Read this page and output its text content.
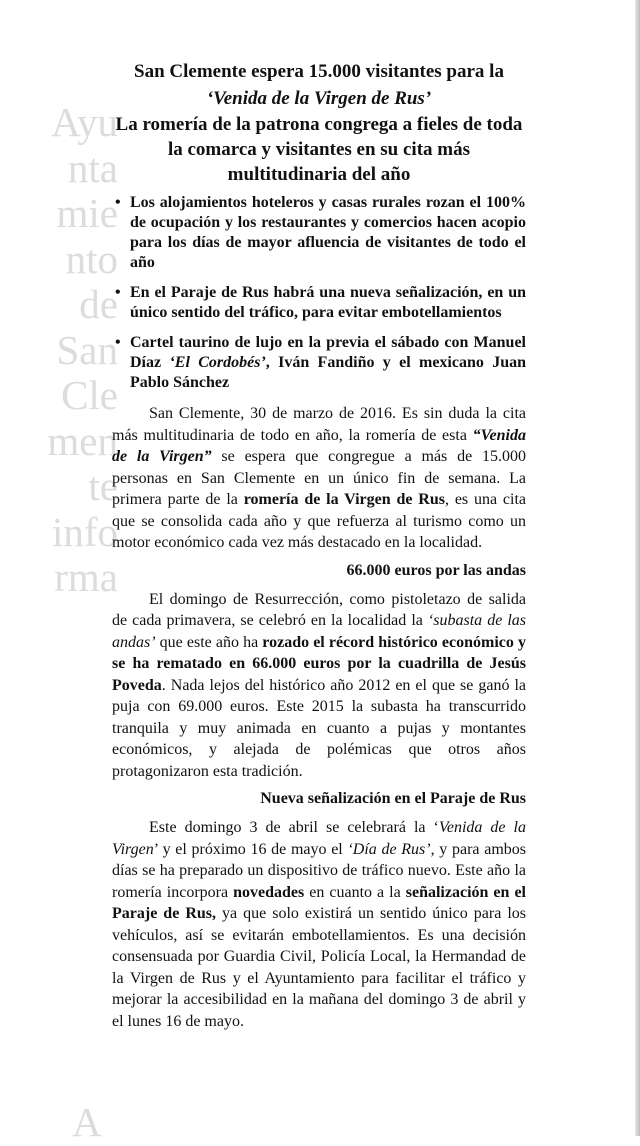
Ayu
nta
mie
nto
de
San
Cle
men
te
info
rma
A
San Clemente espera 15.000 visitantes para la ‘Venida de la Virgen de Rus’
La romería de la patrona congrega a fieles de toda la comarca y visitantes en su cita más multitudinaria del año
• Los alojamientos hoteleros y casas rurales rozan el 100% de ocupación y los restaurantes y comercios hacen acopio para los días de mayor afluencia de visitantes de todo el año
• En el Paraje de Rus habrá una nueva señalización, en un único sentido del tráfico, para evitar embotellamientos
• Cartel taurino de lujo en la previa el sábado con Manuel Díaz ‘El Cordobés’, Iván Fandiño y el mexicano Juan Pablo Sánchez

San Clemente, 30 de marzo de 2016. Es sin duda la cita más multitudinaria de todo en año, la romería de esta “Venida de la Virgen” se espera que congregue a más de 15.000 personas en San Clemente en un único fin de semana. La primera parte de la romería de la Virgen de Rus, es una cita que se consolida cada año y que refuerza al turismo como un motor económico cada vez más destacado en la localidad.

66.000 euros por las andas

El domingo de Resurrección, como pistoletazo de salida de cada primavera, se celebró en la localidad la ‘subasta de las andas’ que este año ha rozado el récord histórico económico y se ha rematado en 66.000 euros por la cuadrilla de Jesús Poveda. Nada lejos del histórico año 2012 en el que se ganó la puja con 69.000 euros. Este 2015 la subasta ha transcurrido tranquila y muy animada en cuanto a pujas y montantes económicos, y alejada de polémicas que otros años protagonizaron esta tradición.

Nueva señalización en el Paraje de Rus

Este domingo 3 de abril se celebrará la ‘Venida de la Virgen’ y el próximo 16 de mayo el ‘Día de Rus’, y para ambos días se ha preparado un dispositivo de tráfico nuevo. Este año la romería incorpora novedades en cuanto a la señalización en el Paraje de Rus, ya que solo existirá un sentido único para los vehículos, así se evitarán embotellamientos. Es una decisión consensuada por Guardia Civil, Policía Local, la Hermandad de la Virgen de Rus y el Ayuntamiento para facilitar el tráfico y mejorar la accesibilidad en la mañana del domingo 3 de abril y el lunes 16 de mayo.
